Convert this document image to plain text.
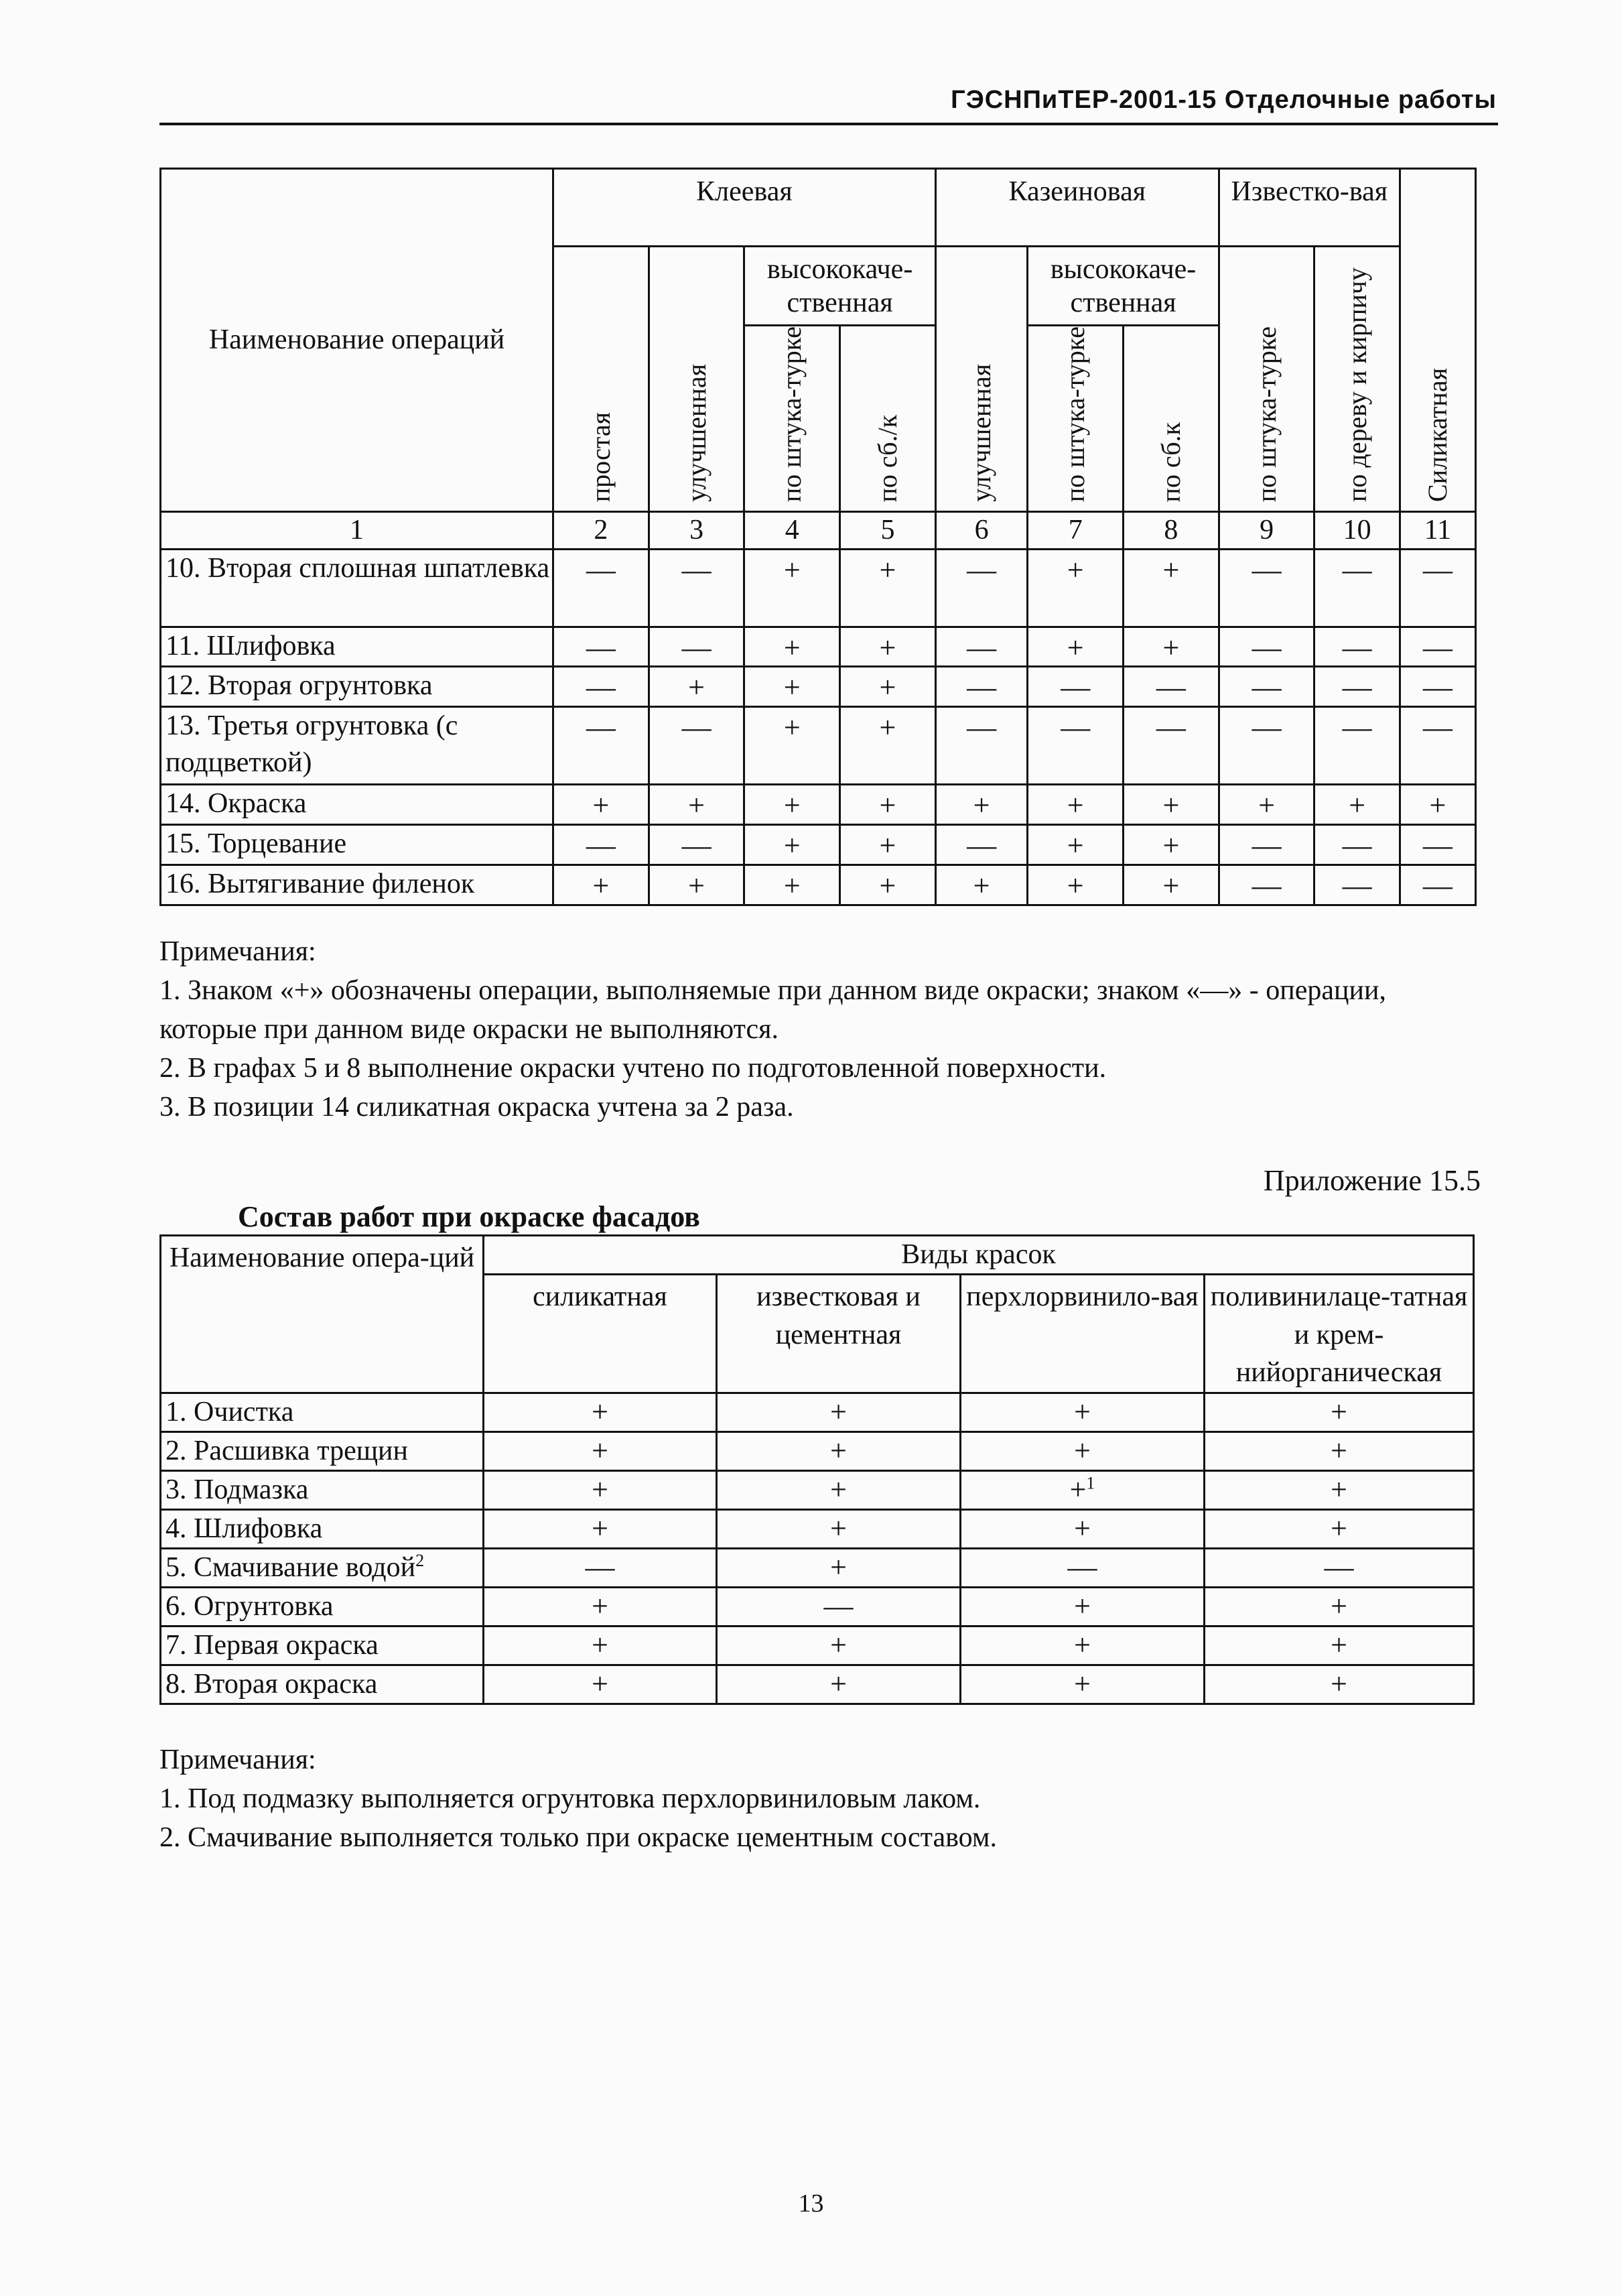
ГЭСНПиТЕР-2001-15 Отделочные работы
Наименование операций	Клеевая				Казеиновая			Известко-вая		Силикатная
	простая	улучшенная	высококаче-ственная		улучшенная	высококаче-ственная		по штука-турке	по дереву и кирпичу	
			по штука-турке	по сб./к		по штука-турке	по сб.к			
1	2	3	4	5	6	7	8	9	10	11
10. Вторая сплошная шпатлевка	—	—	+	+	—	+	+	—	—	—
11. Шлифовка	—	—	+	+	—	+	+	—	—	—
12. Вторая огрунтовка	—	+	+	+	—	—	—	—	—	—
13. Третья огрунтовка (с подцветкой)	—	—	+	+	—	—	—	—	—	—
14. Окраска	+	+	+	+	+	+	+	+	+	+
15. Торцевание	—	—	+	+	—	+	+	—	—	—
16. Вытягивание филенок	+	+	+	+	+	+	+	—	—	—

Примечания:

1. Знаком «+» обозначены операции, выполняемые при данном виде окраски; знаком «—» - операции, которые при данном виде окраски не выполняются.

2. В графах 5 и 8 выполнение окраски учтено по подготовленной поверхности.

3. В позиции 14 силикатная окраска учтена за 2 раза.

Приложение 15.5
Состав работ при окраске фасадов
Наименование опера-ций	Виды красок			
	силикатная	известковая и цементная	перхлорвинило-вая	поливинилаце-татная и крем-нийорганическая
1. Очистка	+	+	+	+
2. Расшивка трещин	+	+	+	+
3. Подмазка	+	+	+$^1$	+
4. Шлифовка	+	+	+	+
5. Смачивание водой$^2$	—	+	—	—
6. Огрунтовка	+	—	+	+
7. Первая окраска	+	+	+	+
8. Вторая окраска	+	+	+	+

Примечания:

1. Под подмазку выполняется огрунтовка перхлорвиниловым лаком.

2. Смачивание выполняется только при окраске цементным составом.

13
